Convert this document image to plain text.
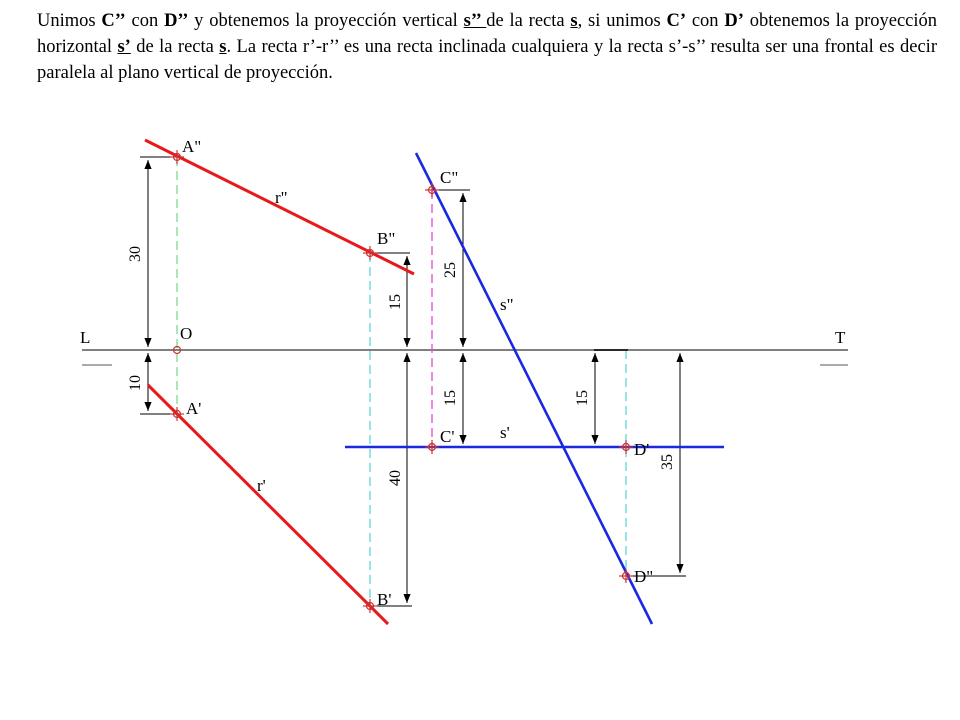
Unimos C’’ con D’’ y obtenemos la proyección vertical s’’ de la recta s, si unimos C’ con D’ obtenemos la proyección horizontal s’ de la recta s. La recta r’-r’’ es una recta inclinada cualquiera y la recta s’-s’’ resulta ser una frontal es decir paralela al plano vertical de proyección.
L	T
O
A"
A'
B"
B'
C"
C'
D'
D"
r"
r'
s"
s'
30
10
15
40
25
15	15
35
